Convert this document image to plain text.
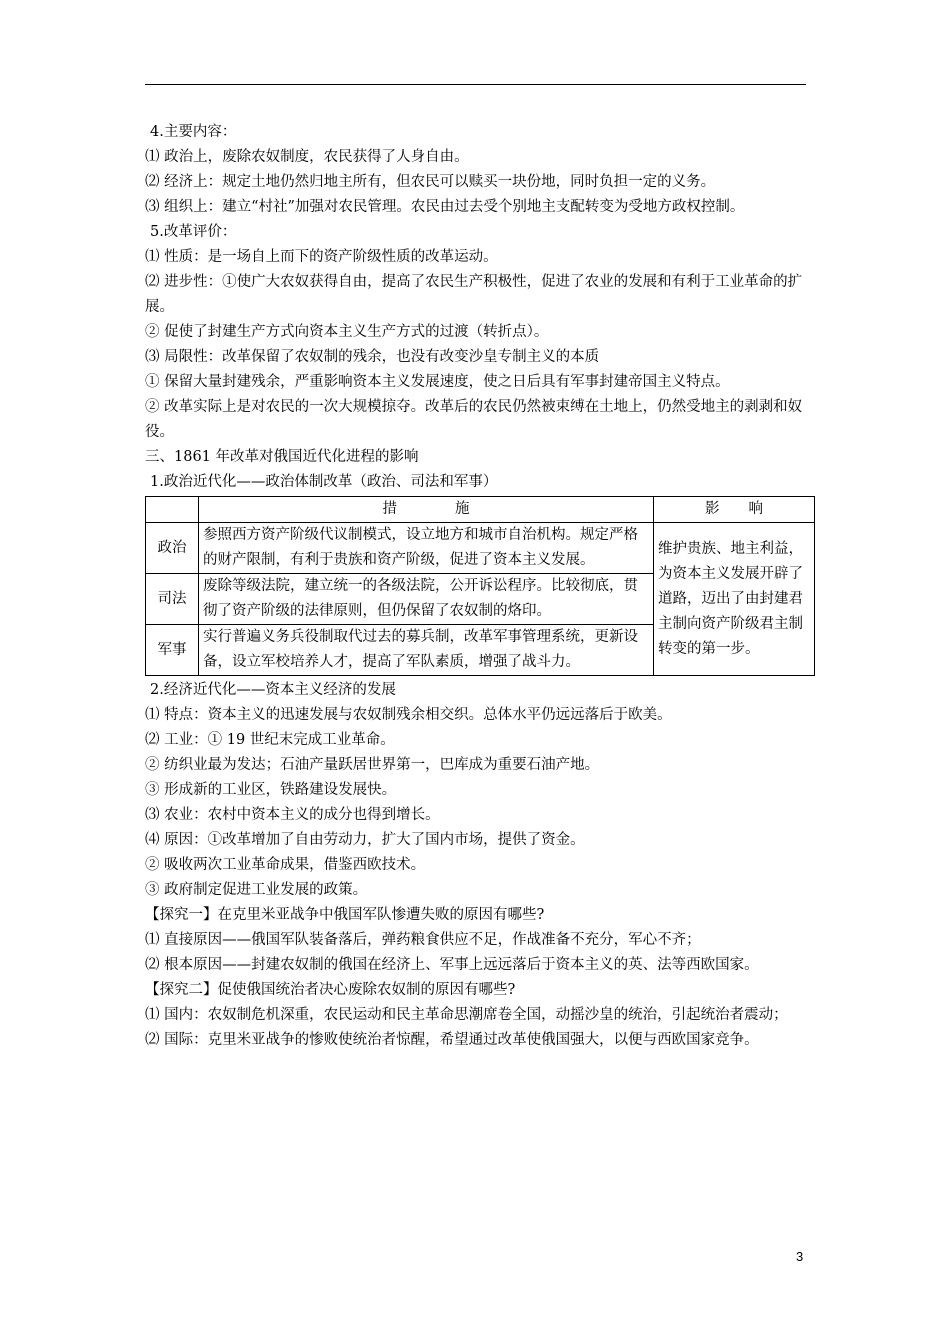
4.主要内容：

⑴ 政治上，废除农奴制度，农民获得了人身自由。

⑵ 经济上：规定土地仍然归地主所有，但农民可以赎买一块份地，同时负担一定的义务。

⑶ 组织上：建立“村社”加强对农民管理。农民由过去受个别地主支配转变为受地方政权控制。

5.改革评价：

⑴ 性质：是一场自上而下的资产阶级性质的改革运动。

⑵ 进步性：①使广大农奴获得自由，提高了农民生产积极性，促进了农业的发展和有利于工业革命的扩展。

② 促使了封建生产方式向资本主义生产方式的过渡（转折点）。

⑶ 局限性：改革保留了农奴制的残余，也没有改变沙皇专制主义的本质

① 保留大量封建残余，严重影响资本主义发展速度，使之日后具有军事封建帝国主义特点。

② 改革实际上是对农民的一次大规模掠夺。改革后的农民仍然被束缚在土地上，仍然受地主的剥剥和奴役。

三、1861 年改革对俄国近代化进程的影响

1.政治近代化——政治体制改革（政治、司法和军事）

	措　　　　施	影　　响
政治	参照西方资产阶级代议制模式，设立地方和城市自治机构。规定严格的财产限制，有利于贵族和资产阶级，促进了资本主义发展。	维护贵族、地主利益，为资本主义发展开辟了道路，迈出了由封建君主制向资产阶级君主制转变的第一步。
司法	废除等级法院，建立统一的各级法院，公开诉讼程序。比较彻底，贯彻了资产阶级的法律原则，但仍保留了农奴制的烙印。	
军事	实行普遍义务兵役制取代过去的募兵制，改革军事管理系统，更新设备，设立军校培养人才，提高了军队素质，增强了战斗力。	

2.经济近代化——资本主义经济的发展

⑴ 特点：资本主义的迅速发展与农奴制残余相交织。总体水平仍远远落后于欧美。

⑵ 工业：① 19 世纪末完成工业革命。

② 纺织业最为发达；石油产量跃居世界第一，巴库成为重要石油产地。

③ 形成新的工业区，铁路建设发展快。

⑶ 农业：农村中资本主义的成分也得到增长。

⑷ 原因：①改革增加了自由劳动力，扩大了国内市场，提供了资金。

② 吸收两次工业革命成果，借鉴西欧技术。

③ 政府制定促进工业发展的政策。

【探究一】在克里米亚战争中俄国军队惨遭失败的原因有哪些?

⑴ 直接原因——俄国军队装备落后，弹药粮食供应不足，作战准备不充分，军心不齐；

⑵ 根本原因——封建农奴制的俄国在经济上、军事上远远落后于资本主义的英、法等西欧国家。

【探究二】促使俄国统治者决心废除农奴制的原因有哪些?

⑴ 国内：农奴制危机深重，农民运动和民主革命思潮席卷全国，动摇沙皇的统治，引起统治者震动；

⑵ 国际：克里米亚战争的惨败使统治者惊醒，希望通过改革使俄国强大，以便与西欧国家竞争。

3
